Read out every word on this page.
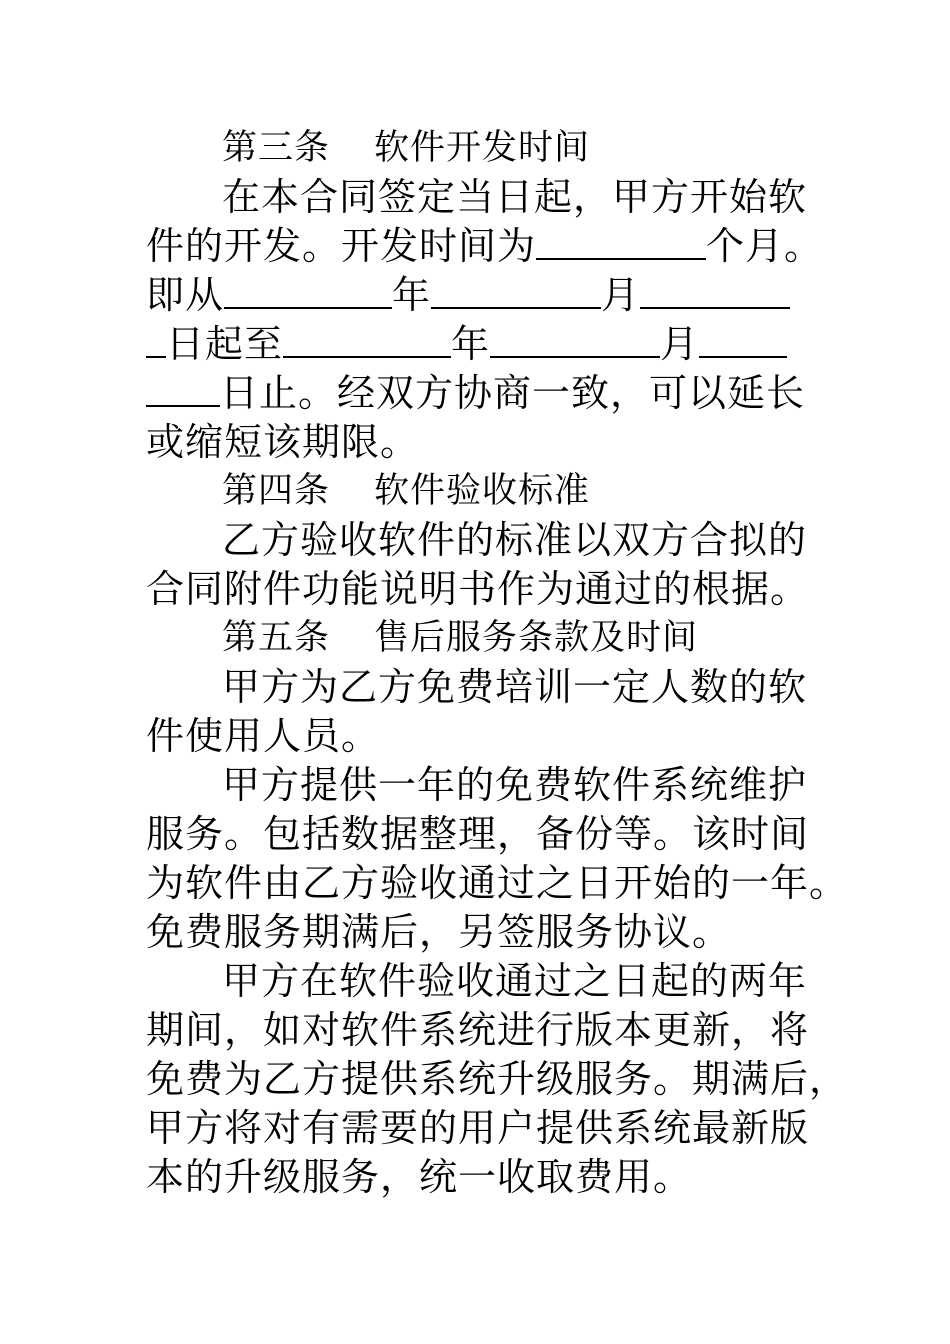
第三条 软件开发时间
在本合同签定当日起，甲方开始软
件的开发。开发时间为	个月。
即从	年	月
日起至	年	月
日止。经双方协商一致，可以延长
或缩短该期限。
第四条 软件验收标准
乙方验收软件的标准以双方合拟的
合同附件功能说明书作为通过的根据。
第五条 售后服务条款及时间
甲方为乙方免费培训一定人数的软
件使用人员。
甲方提供一年的免费软件系统维护
服务。包括数据整理，备份等。该时间
为软件由乙方验收通过之日开始的一年。
免费服务期满后，另签服务协议。
甲方在软件验收通过之日起的两年
期间，如对软件系统进行版本更新，将
免费为乙方提供系统升级服务。期满后，
甲方将对有需要的用户提供系统最新版
本的升级服务，统一收取费用。
